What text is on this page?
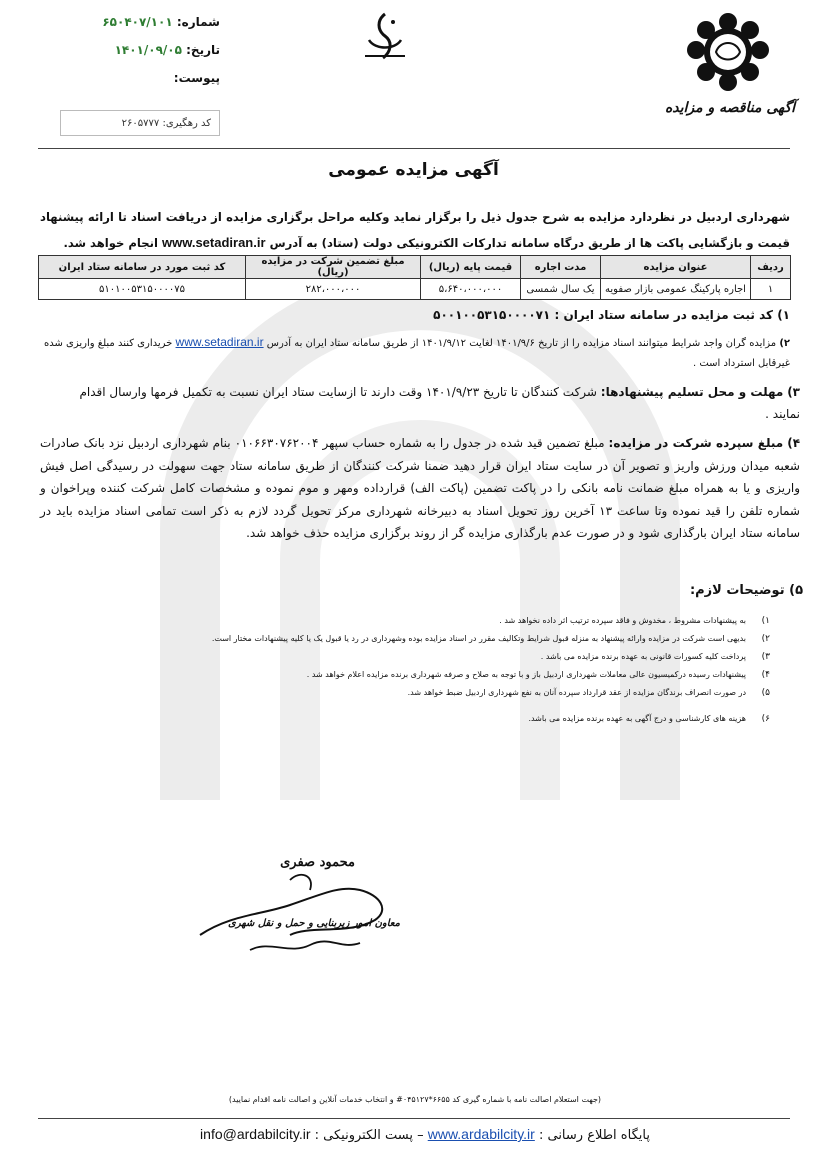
شماره: ۶۵۰۴۰۷/۱۰۱
تاریخ: ۱۴۰۱/۰۹/۰۵
پیوست:
کد رهگیری: ۲۶۰۵۷۷۷
آگهی مناقصه و مزایده
آگهی مزایده عمومی
شهرداری اردبیل در نظردارد مزایده به شرح جدول ذیل را برگزار نماید وکلیه مراحل برگزاری مزایده از دریافت اسناد تا ارائه پیشنهاد قیمت و بازگشایی پاکت ها از طریق درگاه سامانه تدارکات الکترونیکی دولت (ستاد) به آدرس www.setadiran.ir انجام خواهد شد.
ردیف	عنوان مزایده	مدت اجاره	قیمت پایه (ریال)	مبلغ تضمین شرکت در مزایده (ریال)	کد ثبت مورد در سامانه ستاد ایران
۱	اجاره پارکینگ عمومی بازار صفویه	یک سال شمسی	۵،۶۴۰،۰۰۰،۰۰۰	۲۸۲،۰۰۰،۰۰۰	۵۱۰۱۰۰۵۳۱۵۰۰۰۰۷۵
۱) کد ثبت مزایده در سامانه ستاد ایران : ۵۰۰۱۰۰۵۳۱۵۰۰۰۰۷۱
۲) مزایده گران واجد شرایط میتوانند اسناد مزایده را از تاریخ ۱۴۰۱/۹/۶ لغایت ۱۴۰۱/۹/۱۲ از طریق سامانه ستاد ایران به آدرس www.setadiran.ir خریداری کنند مبلغ واریزی شده غیرقابل استرداد است .
۳) مهلت و محل تسلیم پیشنهادها: شرکت کنندگان تا تاریخ ۱۴۰۱/۹/۲۳ وقت دارند تا ازسایت ستاد ایران نسبت به تکمیل فرمها وارسال اقدام نمایند .
۴) مبلغ سپرده شرکت در مزایده: مبلغ تضمین قید شده در جدول را به شماره حساب سپهر ۰۱۰۶۶۳۰۷۶۲۰۰۴ بنام شهرداری اردبیل نزد بانک صادرات شعبه میدان ورزش واریز و تصویر آن در سایت ستاد ایران قرار دهید ضمنا شرکت کنندگان از طریق سامانه ستاد جهت سهولت در رسیدگی اصل فیش واریزی و یا به همراه مبلغ ضمانت نامه بانکی را در پاکت تضمین (پاکت الف) قرارداده ومهر و موم نموده و مشخصات کامل شرکت کننده وپراخوان و شماره تلفن را قید نموده وتا ساعت ۱۳ آخرین روز تحویل اسناد به دبیرخانه شهرداری مرکز تحویل گردد لازم به ذکر است تمامی اسناد مزایده باید در سامانه ستاد ایران بارگذاری شود و در صورت عدم بارگذاری مزایده گر از روند برگزاری مزایده حذف خواهد شد.
۵) توضیحات لازم:
۱)
به پیشنهادات مشروط ، مخدوش و فاقد سپرده ترتیب اثر داده نخواهد شد .
۲)
بدیهی است شرکت در مزایده وارائه پیشنهاد به منزله قبول شرایط وتکالیف مقرر در اسناد مزایده بوده وشهرداری در رد یا قبول یک یا کلیه پیشنهادات مختار است.
۳)
پرداخت کلیه کسورات قانونی به عهده برنده مزایده می باشد .
۴)
پیشنهادات رسیده درکمیسیون عالی معاملات شهرداری اردبیل باز و با توجه به صلاح و صرفه شهرداری برنده مزایده اعلام خواهد شد .
۵)
در صورت انصراف برندگان مزایده از عقد قرارداد سپرده آنان به نفع شهرداری اردبیل ضبط خواهد شد.
۶)
هزینه های کارشناسی و درج آگهی به عهده برنده مزایده می باشد.
محمود صفری
معاون امور زیربنایی و حمل و نقل شهری
(جهت استعلام اصالت نامه با شماره گیری کد ۶۶۵۵*۰۴۵۱۲۷# و انتخاب خدمات آنلاین و اصالت نامه اقدام نمایید)
پایگاه اطلاع رسانی : www.ardabilcity.ir – پست الکترونیکی : info@ardabilcity.ir
